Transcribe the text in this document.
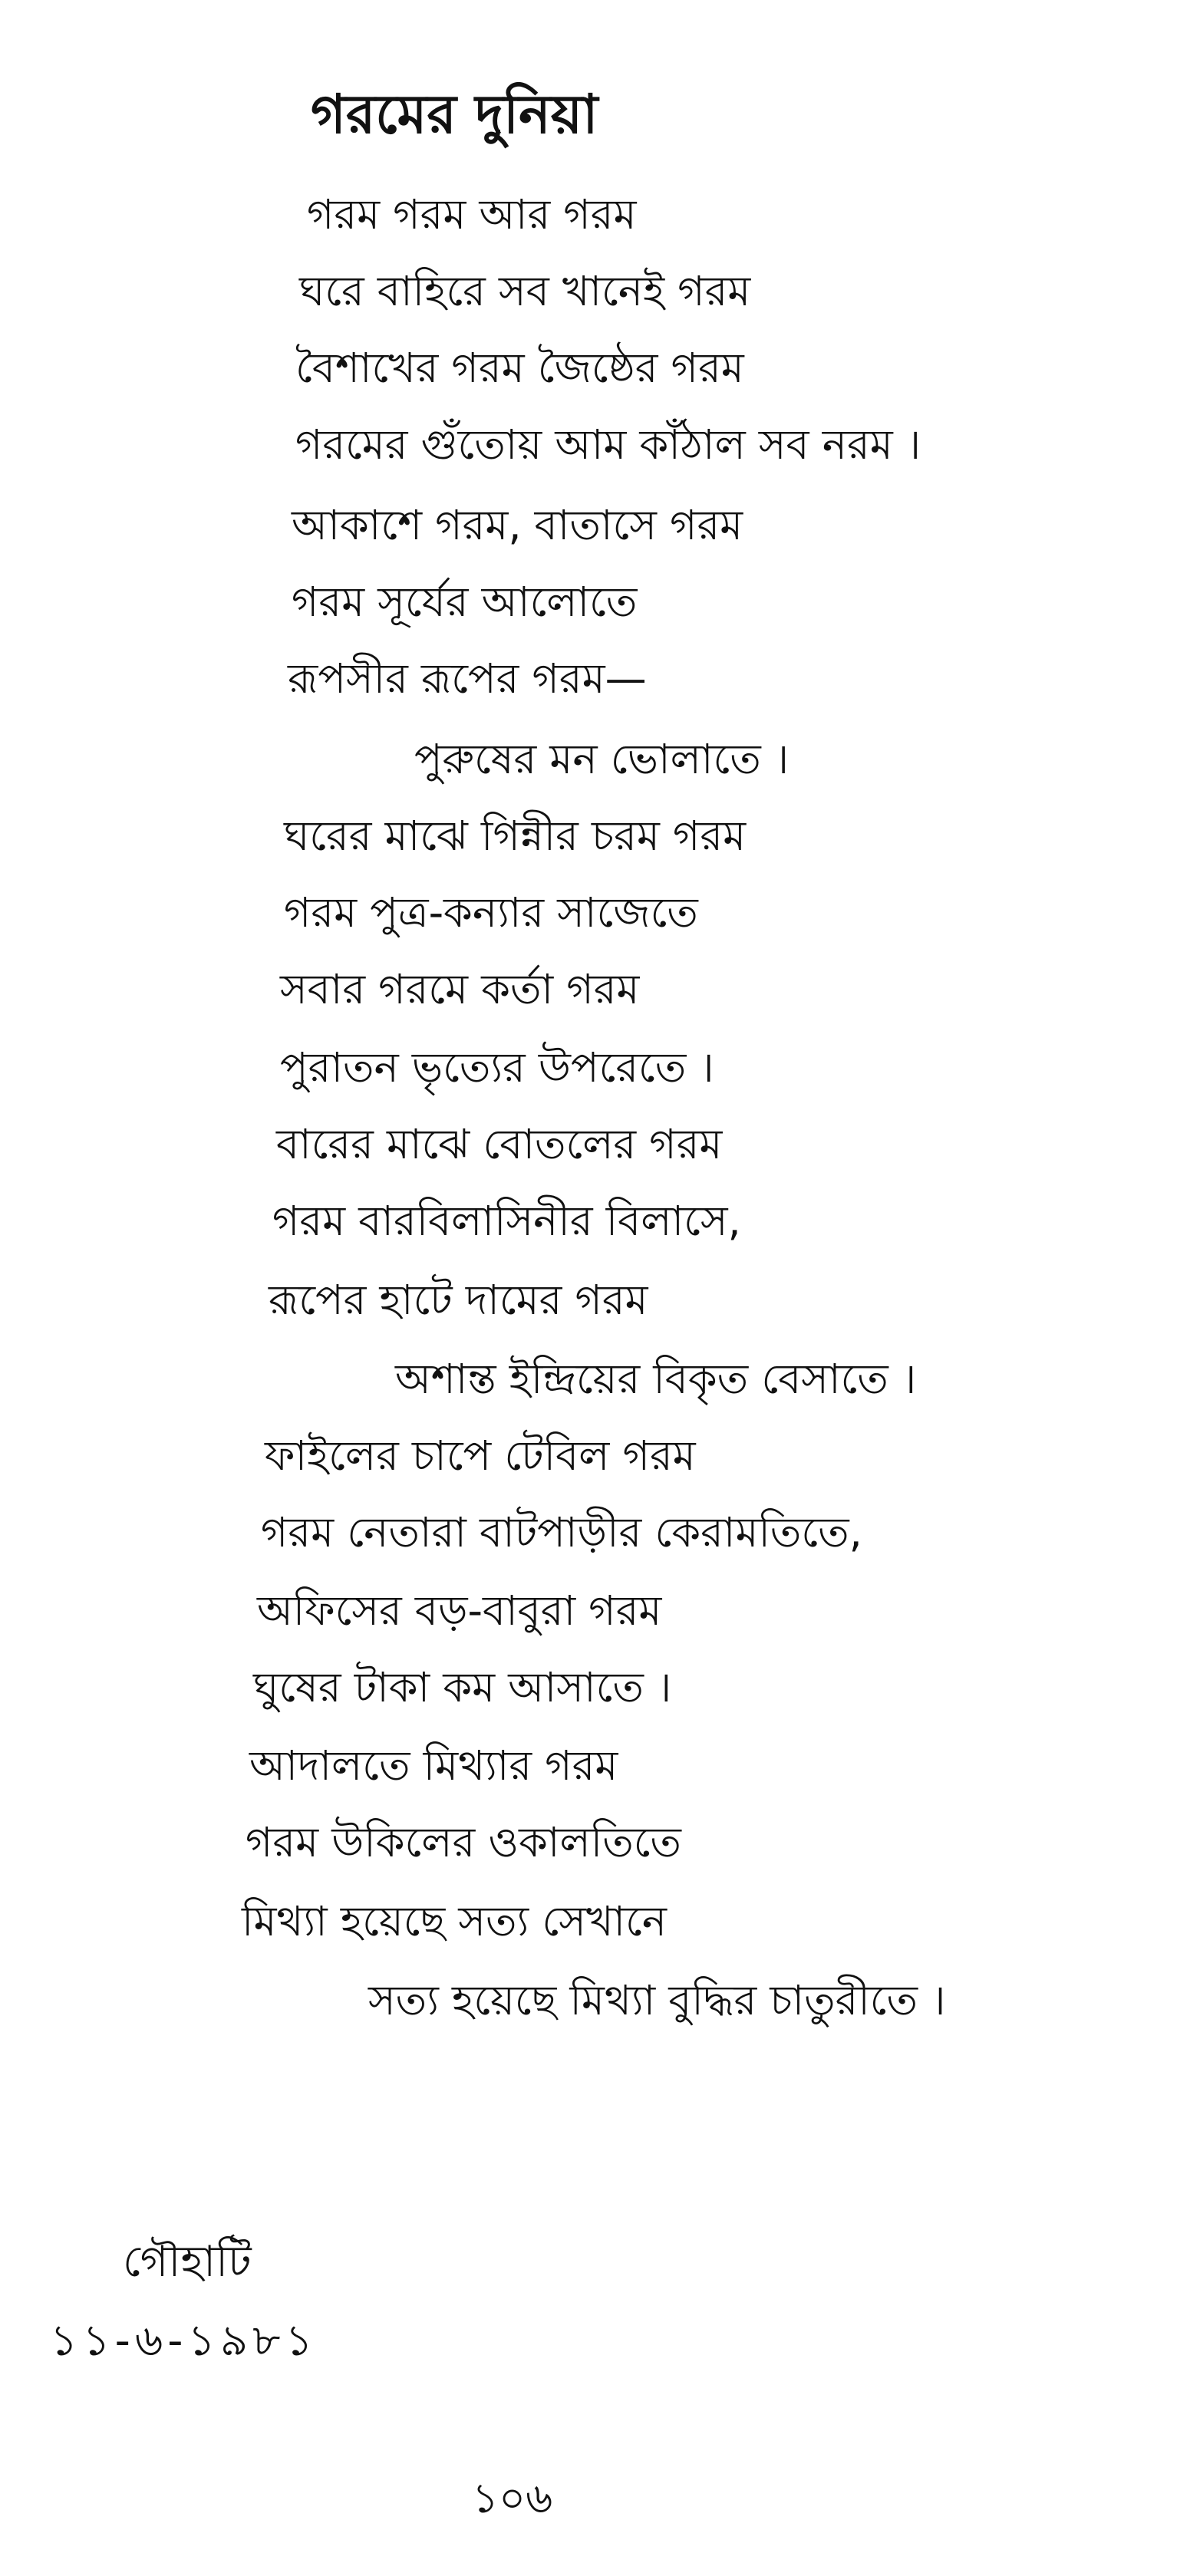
গরমের দুনিয়া
গরম গরম আর গরম
ঘরে বাহিরে সব খানেই গরম
বৈশাখের গরম জৈষ্ঠের গরম
গরমের গুঁতোয় আম কাঁঠাল সব নরম ।
আকাশে গরম, বাতাসে গরম
গরম সূর্যের আলোতে
রূপসীর রূপের গরম—
পুরুষের মন ভোলাতে ।
ঘরের মাঝে গিন্নীর চরম গরম
গরম পুত্র-কন্যার সাজেতে
সবার গরমে কর্তা গরম
পুরাতন ভৃত্যের উপরেতে ।
বারের মাঝে বোতলের গরম
গরম বারবিলাসিনীর বিলাসে,
রূপের হাটে দামের গরম
অশান্ত ইন্দ্রিয়ের বিকৃত বেসাতে ।
ফাইলের চাপে টেবিল গরম
গরম নেতারা বাটপাড়ীর কেরামতিতে,
অফিসের বড়-বাবুরা গরম
ঘুষের টাকা কম আসাতে ।
আদালতে মিথ্যার গরম
গরম উকিলের ওকালতিতে
মিথ্যা হয়েছে সত্য সেখানে
সত্য হয়েছে মিথ্যা বুদ্ধির চাতুরীতে ।
গৌহাটি
১১-৬-১৯৮১
১০৬
